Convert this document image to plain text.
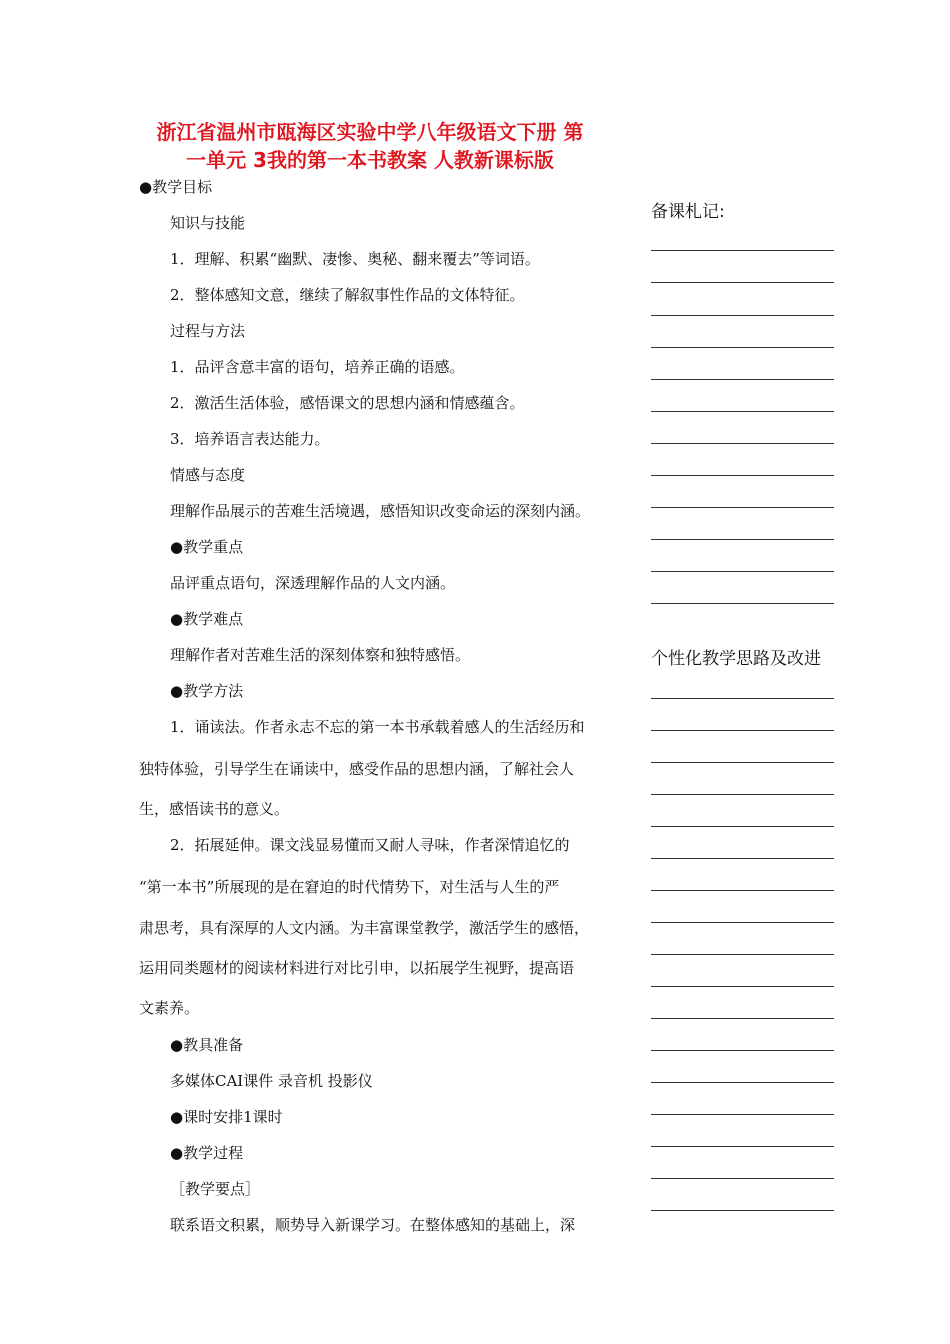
浙江省温州市瓯海区实验中学八年级语文下册 第
一单元 3我的第一本书教案 人教新课标版
●教学目标
知识与技能
1．理解、积累“幽默、凄惨、奥秘、翻来覆去”等词语。
2．整体感知文意，继续了解叙事性作品的文体特征。
过程与方法
1．品评含意丰富的语句，培养正确的语感。
2．激活生活体验，感悟课文的思想内涵和情感蕴含。
3．培养语言表达能力。
情感与态度
理解作品展示的苦难生活境遇，感悟知识改变命运的深刻内涵。
●教学重点
品评重点语句，深透理解作品的人文内涵。
●教学难点
理解作者对苦难生活的深刻体察和独特感悟。
●教学方法
1．诵读法。作者永志不忘的第一本书承载着感人的生活经历和
独特体验，引导学生在诵读中，感受作品的思想内涵，了解社会人
生，感悟读书的意义。
2．拓展延伸。课文浅显易懂而又耐人寻味，作者深情追忆的
“第一本书”所展现的是在窘迫的时代情势下，对生活与人生的严
肃思考，具有深厚的人文内涵。为丰富课堂教学，激活学生的感悟，
运用同类题材的阅读材料进行对比引申，以拓展学生视野，提高语
文素养。
●教具准备
多媒体CAI课件 录音机 投影仪
●课时安排1课时
●教学过程
［教学要点］
联系语文积累，顺势导入新课学习。在整体感知的基础上，深
备课札记:
个性化教学思路及改进
